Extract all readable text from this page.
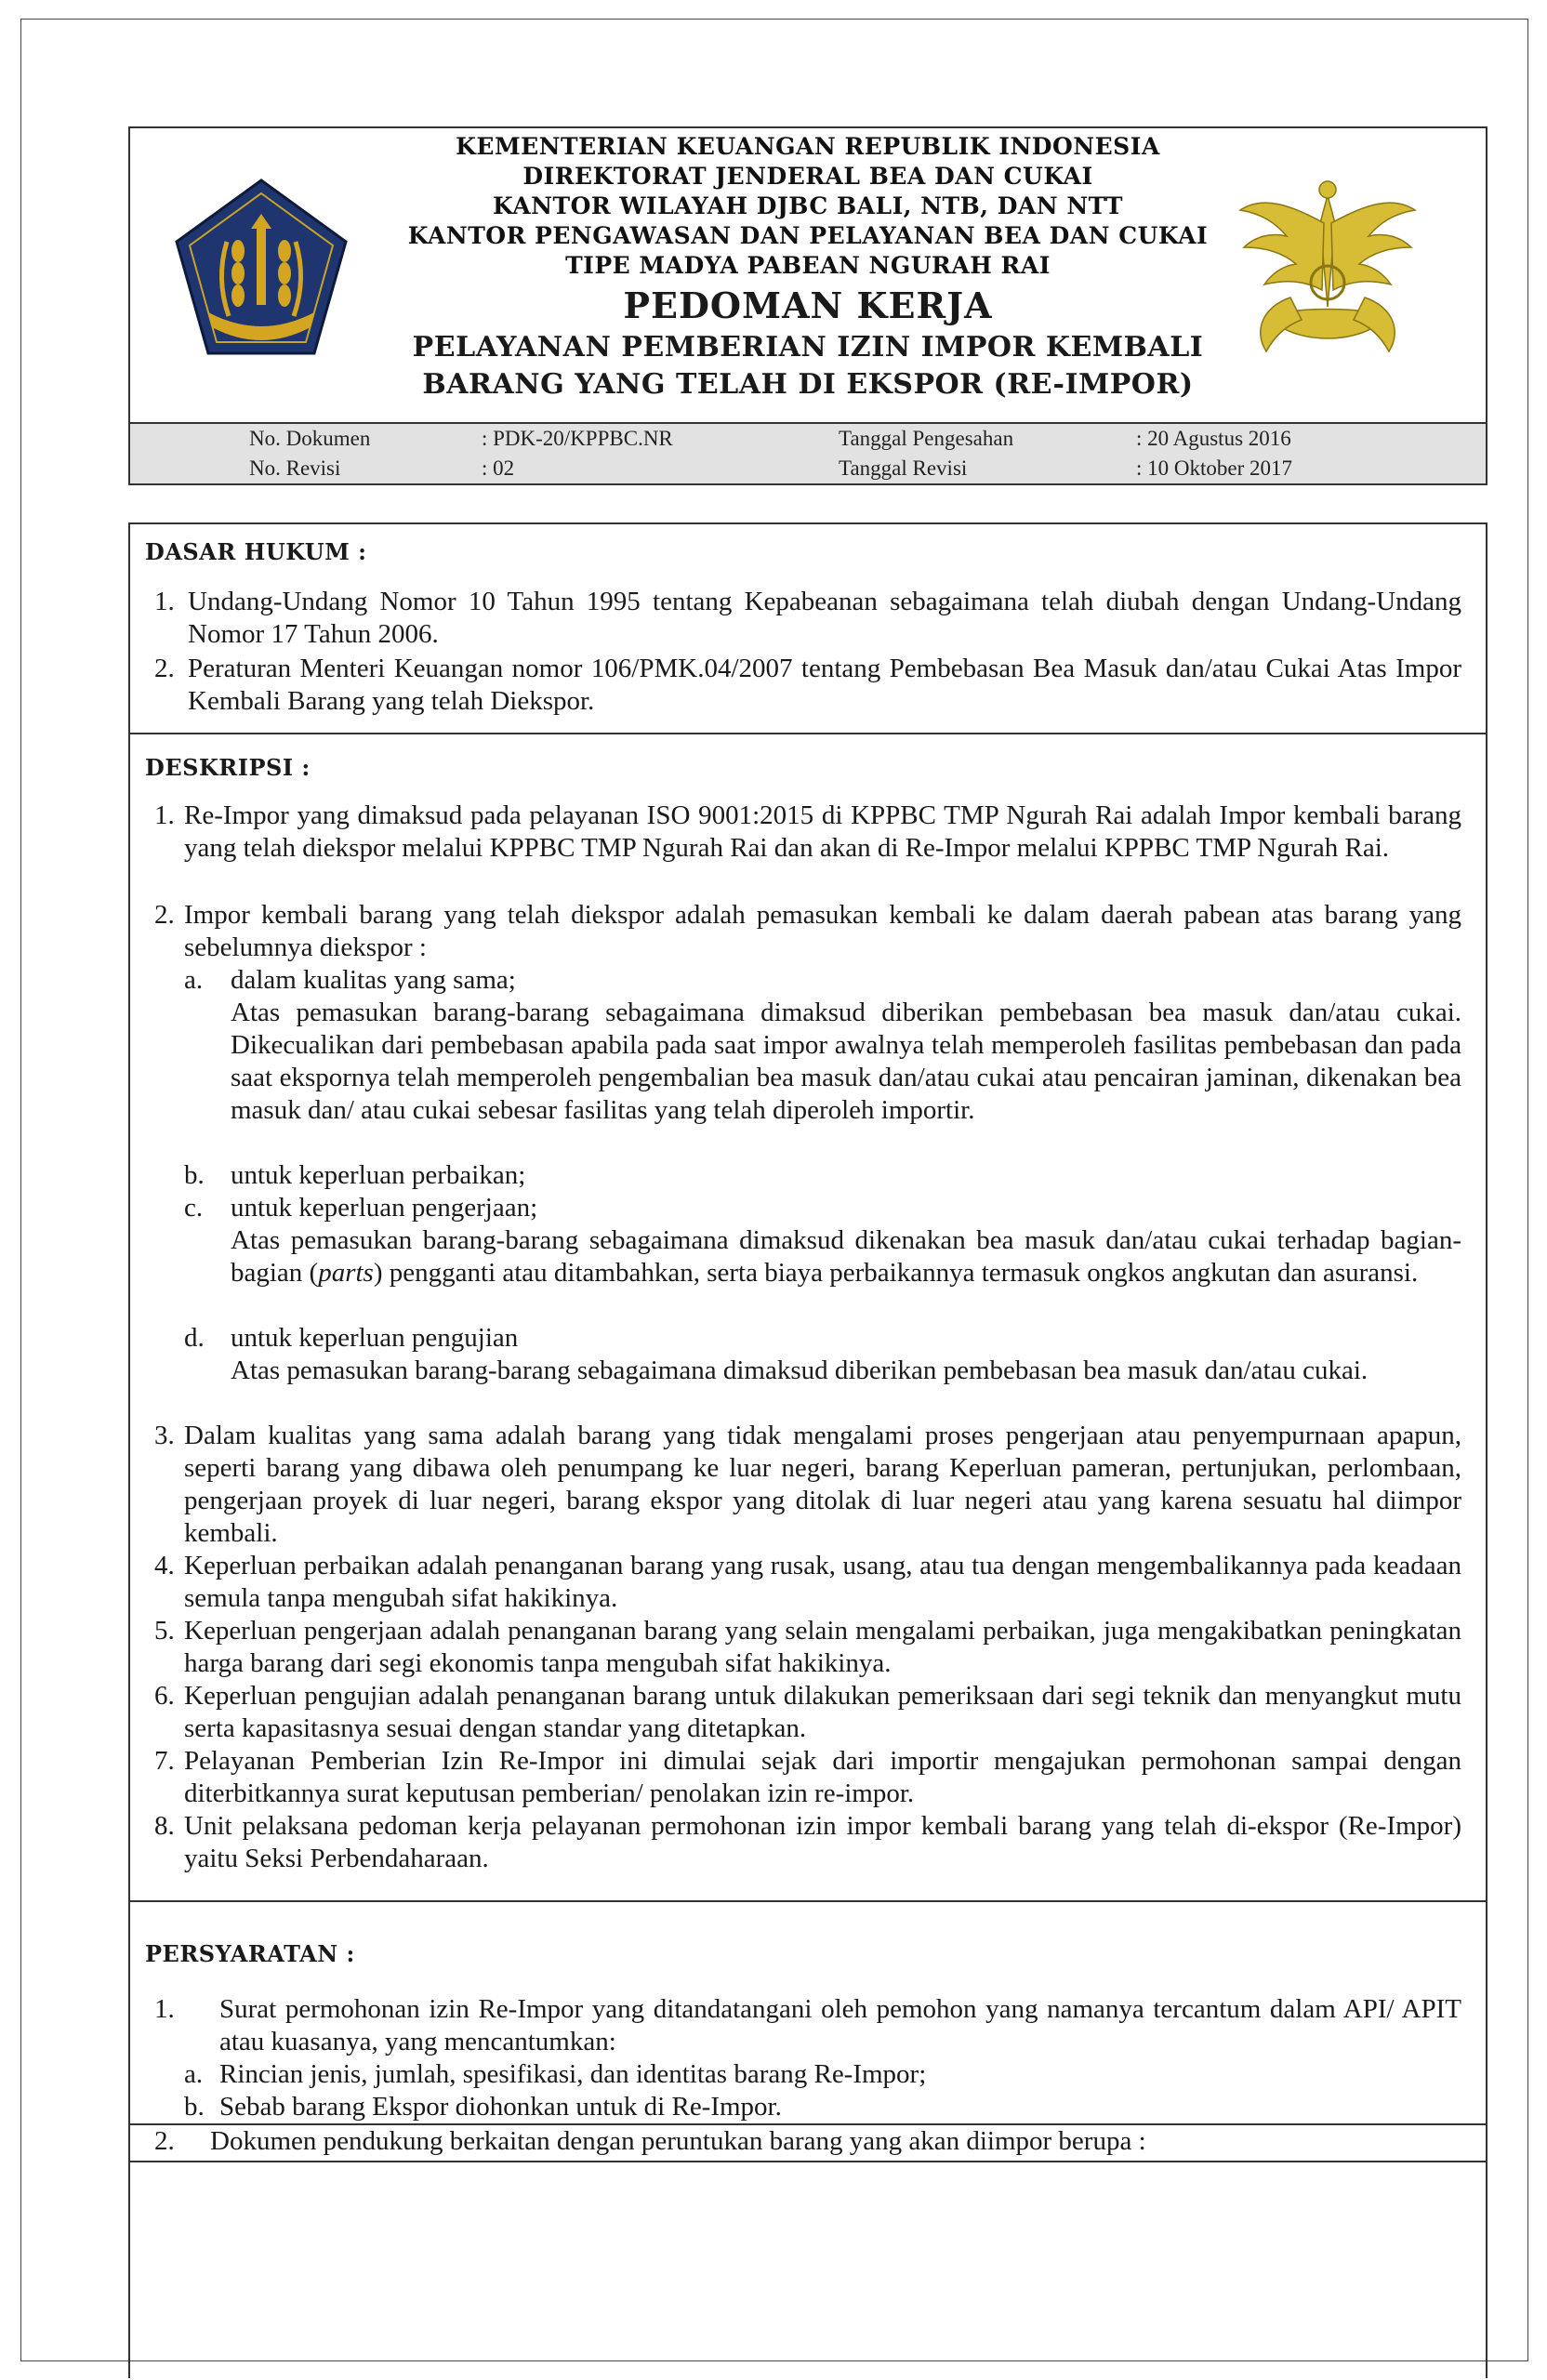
KEMENTERIAN KEUANGAN REPUBLIK INDONESIA
DIREKTORAT JENDERAL BEA DAN CUKAI
KANTOR WILAYAH DJBC BALI, NTB, DAN NTT
KANTOR PENGAWASAN DAN PELAYANAN BEA DAN CUKAI
TIPE MADYA PABEAN NGURAH RAI
PEDOMAN KERJA
PELAYANAN PEMBERIAN IZIN IMPOR KEMBALI
BARANG YANG TELAH DI EKSPOR (RE-IMPOR)
No. Dokumen	: PDK-20/KPPBC.NR	Tanggal Pengesahan	: 20 Agustus 2016
No. Revisi	: 02	Tanggal Revisi	: 10 Oktober 2017
DASAR HUKUM :
1. Undang-Undang Nomor 10 Tahun 1995 tentang Kepabeanan sebagaimana telah diubah dengan Undang-Undang Nomor 17 Tahun 2006.
2. Peraturan Menteri Keuangan nomor 106/PMK.04/2007 tentang Pembebasan Bea Masuk dan/atau Cukai Atas Impor Kembali Barang yang telah Diekspor.
DESKRIPSI :
1. Re-Impor yang dimaksud pada pelayanan ISO 9001:2015 di KPPBC TMP Ngurah Rai adalah Impor kembali barang yang telah diekspor melalui KPPBC TMP Ngurah Rai dan akan di Re-Impor melalui KPPBC TMP Ngurah Rai.
2. Impor kembali barang yang telah diekspor adalah pemasukan kembali ke dalam daerah pabean atas barang yang sebelumnya diekspor :
a. dalam kualitas yang sama;
Atas pemasukan barang-barang sebagaimana dimaksud diberikan pembebasan bea masuk dan/atau cukai. Dikecualikan dari pembebasan apabila pada saat impor awalnya telah memperoleh fasilitas pembebasan dan pada saat ekspornya telah memperoleh pengembalian bea masuk dan/atau cukai atau pencairan jaminan, dikenakan bea masuk dan/ atau cukai sebesar fasilitas yang telah diperoleh importir.
b. untuk keperluan perbaikan;
c. untuk keperluan pengerjaan;
Atas pemasukan barang-barang sebagaimana dimaksud dikenakan bea masuk dan/atau cukai terhadap bagian-bagian (parts) pengganti atau ditambahkan, serta biaya perbaikannya termasuk ongkos angkutan dan asuransi.
d. untuk keperluan pengujian
Atas pemasukan barang-barang sebagaimana dimaksud diberikan pembebasan bea masuk dan/atau cukai.
3. Dalam kualitas yang sama adalah barang yang tidak mengalami proses pengerjaan atau penyempurnaan apapun, seperti barang yang dibawa oleh penumpang ke luar negeri, barang Keperluan pameran, pertunjukan, perlombaan, pengerjaan proyek di luar negeri, barang ekspor yang ditolak di luar negeri atau yang karena sesuatu hal diimpor kembali.
4. Keperluan perbaikan adalah penanganan barang yang rusak, usang, atau tua dengan mengembalikannya pada keadaan semula tanpa mengubah sifat hakikinya.
5. Keperluan pengerjaan adalah penanganan barang yang selain mengalami perbaikan, juga mengakibatkan peningkatan harga barang dari segi ekonomis tanpa mengubah sifat hakikinya.
6. Keperluan pengujian adalah penanganan barang untuk dilakukan pemeriksaan dari segi teknik dan menyangkut mutu serta kapasitasnya sesuai dengan standar yang ditetapkan.
7. Pelayanan Pemberian Izin Re-Impor ini dimulai sejak dari importir mengajukan permohonan sampai dengan diterbitkannya surat keputusan pemberian/ penolakan izin re-impor.
8. Unit pelaksana pedoman kerja pelayanan permohonan izin impor kembali barang yang telah di-ekspor (Re-Impor) yaitu Seksi Perbendaharaan.
PERSYARATAN :
1. Surat permohonan izin Re-Impor yang ditandatangani oleh pemohon yang namanya tercantum dalam API/ APIT atau kuasanya, yang mencantumkan:
a. Rincian jenis, jumlah, spesifikasi, dan identitas barang Re-Impor;
b. Sebab barang Ekspor diohonkan untuk di Re-Impor.
2. Dokumen pendukung berkaitan dengan peruntukan barang yang akan diimpor berupa :
